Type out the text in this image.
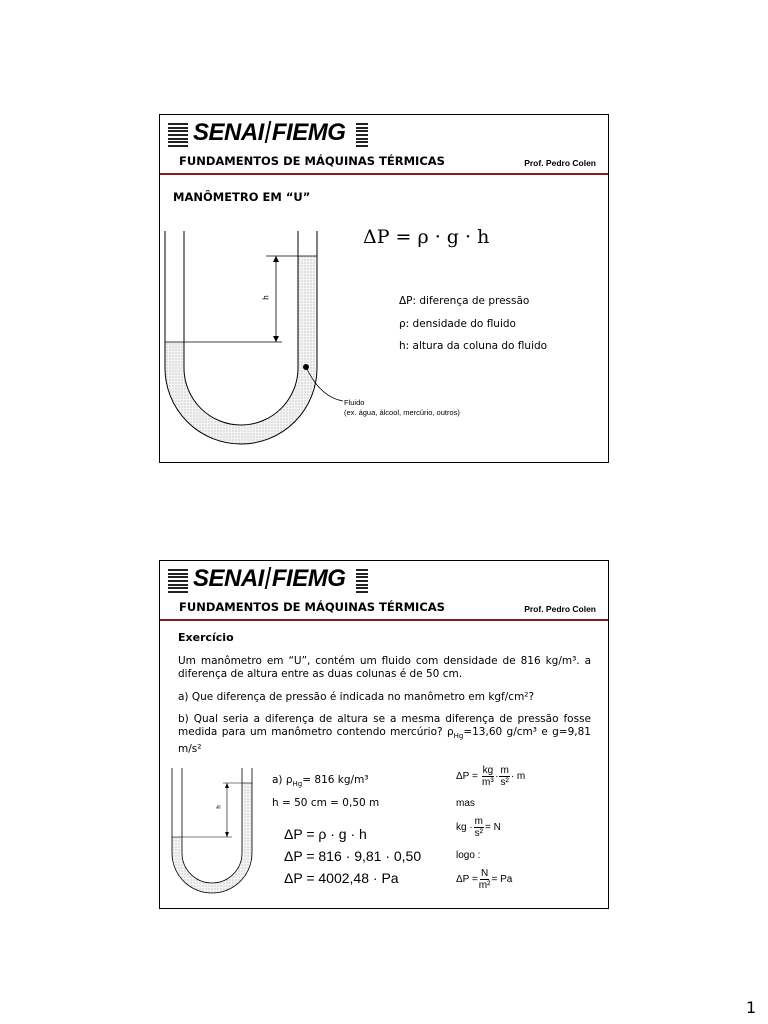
SENAI FIEMG
FUNDAMENTOS DE MÁQUINAS TÉRMICAS	Prof. Pedro Colen
MANÔMETRO EM “U”
h
ΔP = ρ · g · h
ΔP: diferença de pressão
ρ: densidade do fluido
h: altura da coluna do fluido
Fluido
(ex. água, álcool, mercúrio, outros)
SENAI FIEMG
FUNDAMENTOS DE MÁQUINAS TÉRMICAS	Prof. Pedro Colen
Exercício
Um manômetro em “U”, contém um fluido com densidade de 816 kg/m³. a diferença de altura entre as duas colunas é de 50 cm.
a) Que diferença de pressão é indicada no manômetro em kgf/cm²?
b) Qual seria a diferença de altura se a mesma diferença de pressão fosse medida para um manômetro contendo mercúrio? $\rho_{Hg}=13,60$ g/cm³ e g=9,81 m/s²
h
a) $\rho_{Hg}= 816$ kg/m³
h = 50 cm = 0,50 m
ΔP = ρ · g · h
ΔP = 816 · 9,81 · 0,50
ΔP = 4002,48 · Pa
$\Delta P = \frac{kg}{\text{m³}} \cdot \frac{m}{\text{s²}} \cdot m$
mas
kg · $\frac{m}{\text{s²}} = N$
logo :
$\Delta P = \frac{N}{\text{m²}} = Pa$
1
